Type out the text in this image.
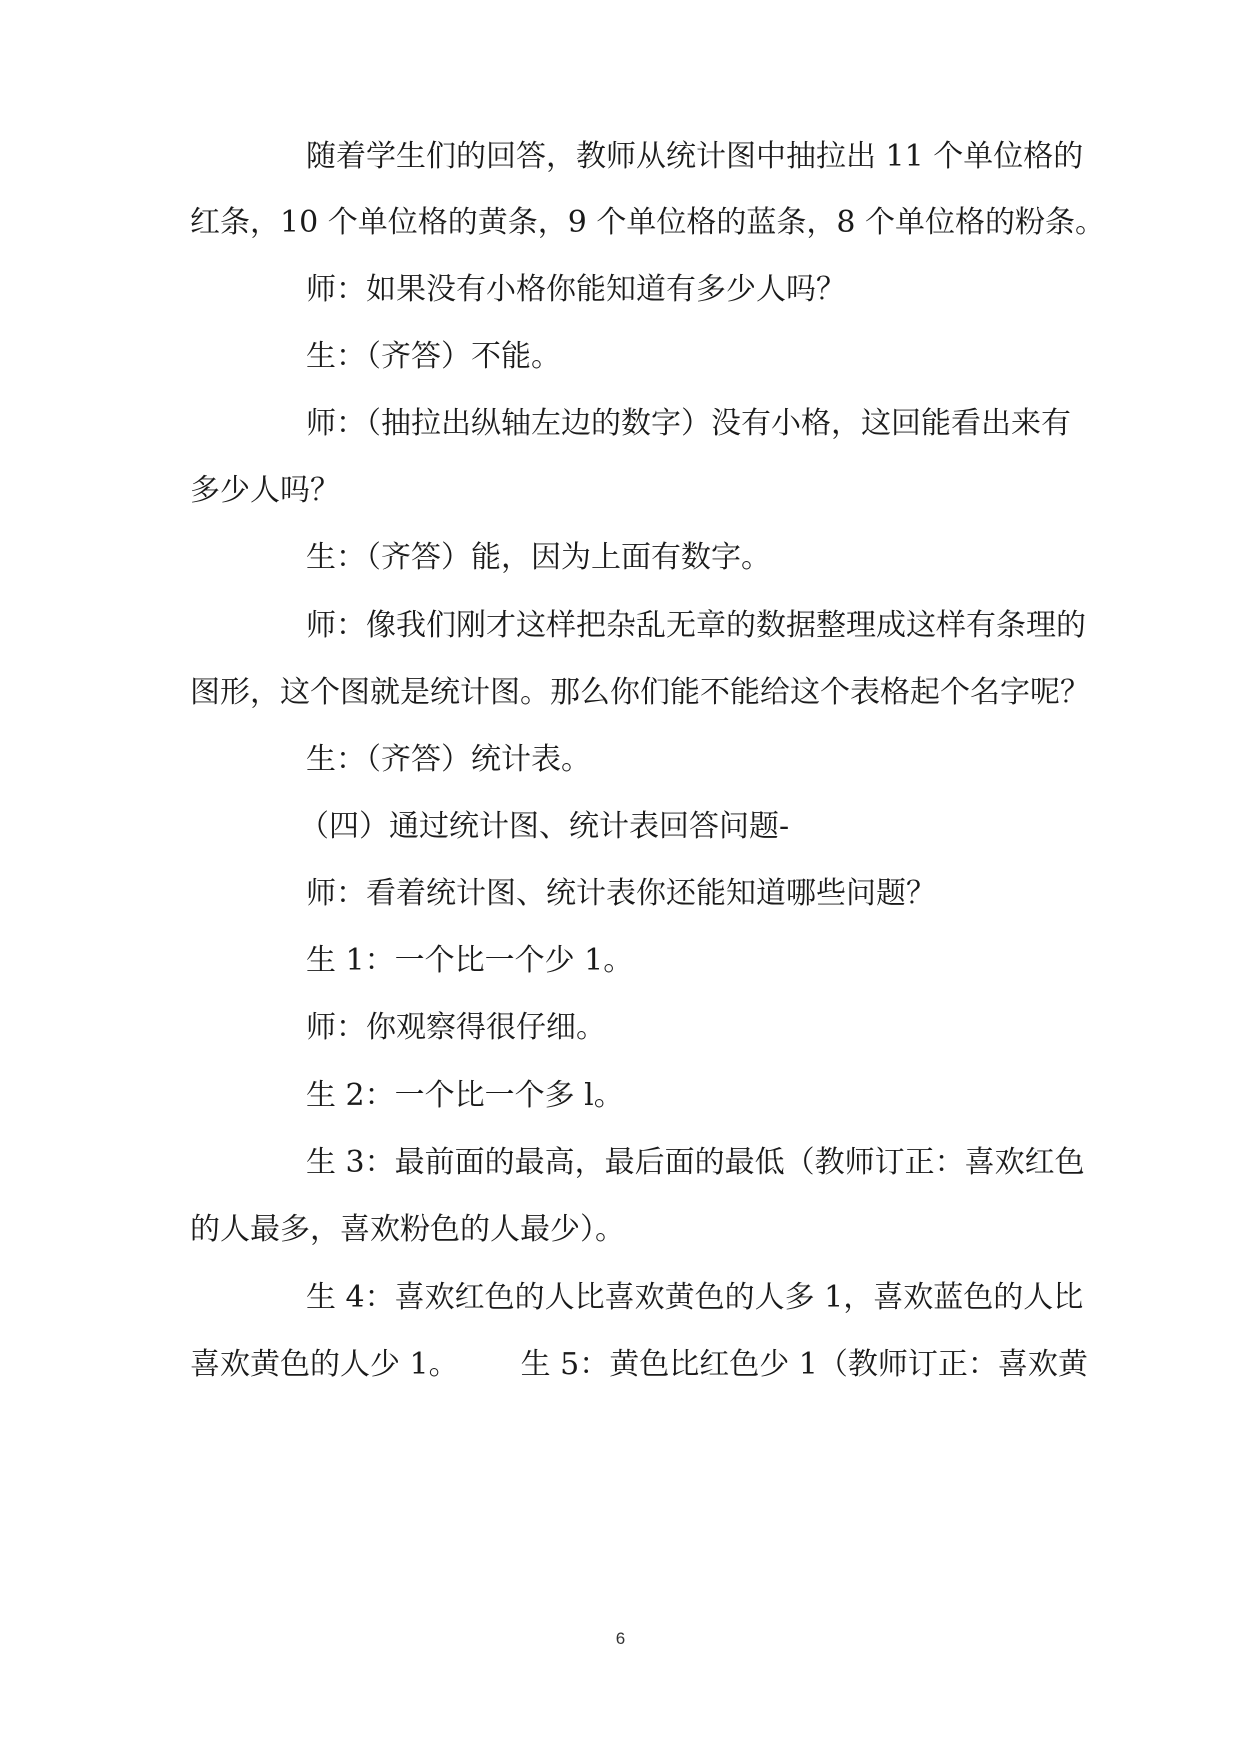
随着学生们的回答，教师从统计图中抽拉出 11 个单位格的
红条，10 个单位格的黄条，9 个单位格的蓝条，8 个单位格的粉条。
师：如果没有小格你能知道有多少人吗？
生：（齐答）不能。
师：（抽拉出纵轴左边的数字）没有小格，这回能看出来有
多少人吗？
生：（齐答）能，因为上面有数字。
师：像我们刚才这样把杂乱无章的数据整理成这样有条理的
图形，这个图就是统计图。那么你们能不能给这个表格起个名字呢？
生：（齐答）统计表。
（四）通过统计图、统计表回答问题-
师：看着统计图、统计表你还能知道哪些问题？
生 1：一个比一个少 1。
师：你观察得很仔细。
生 2：一个比一个多 l。
生 3：最前面的最高，最后面的最低（教师订正：喜欢红色
的人最多，喜欢粉色的人最少）。
生 4：喜欢红色的人比喜欢黄色的人多 1，喜欢蓝色的人比
喜欢黄色的人少 1。 生 5：黄色比红色少 1（教师订正：喜欢黄
6
